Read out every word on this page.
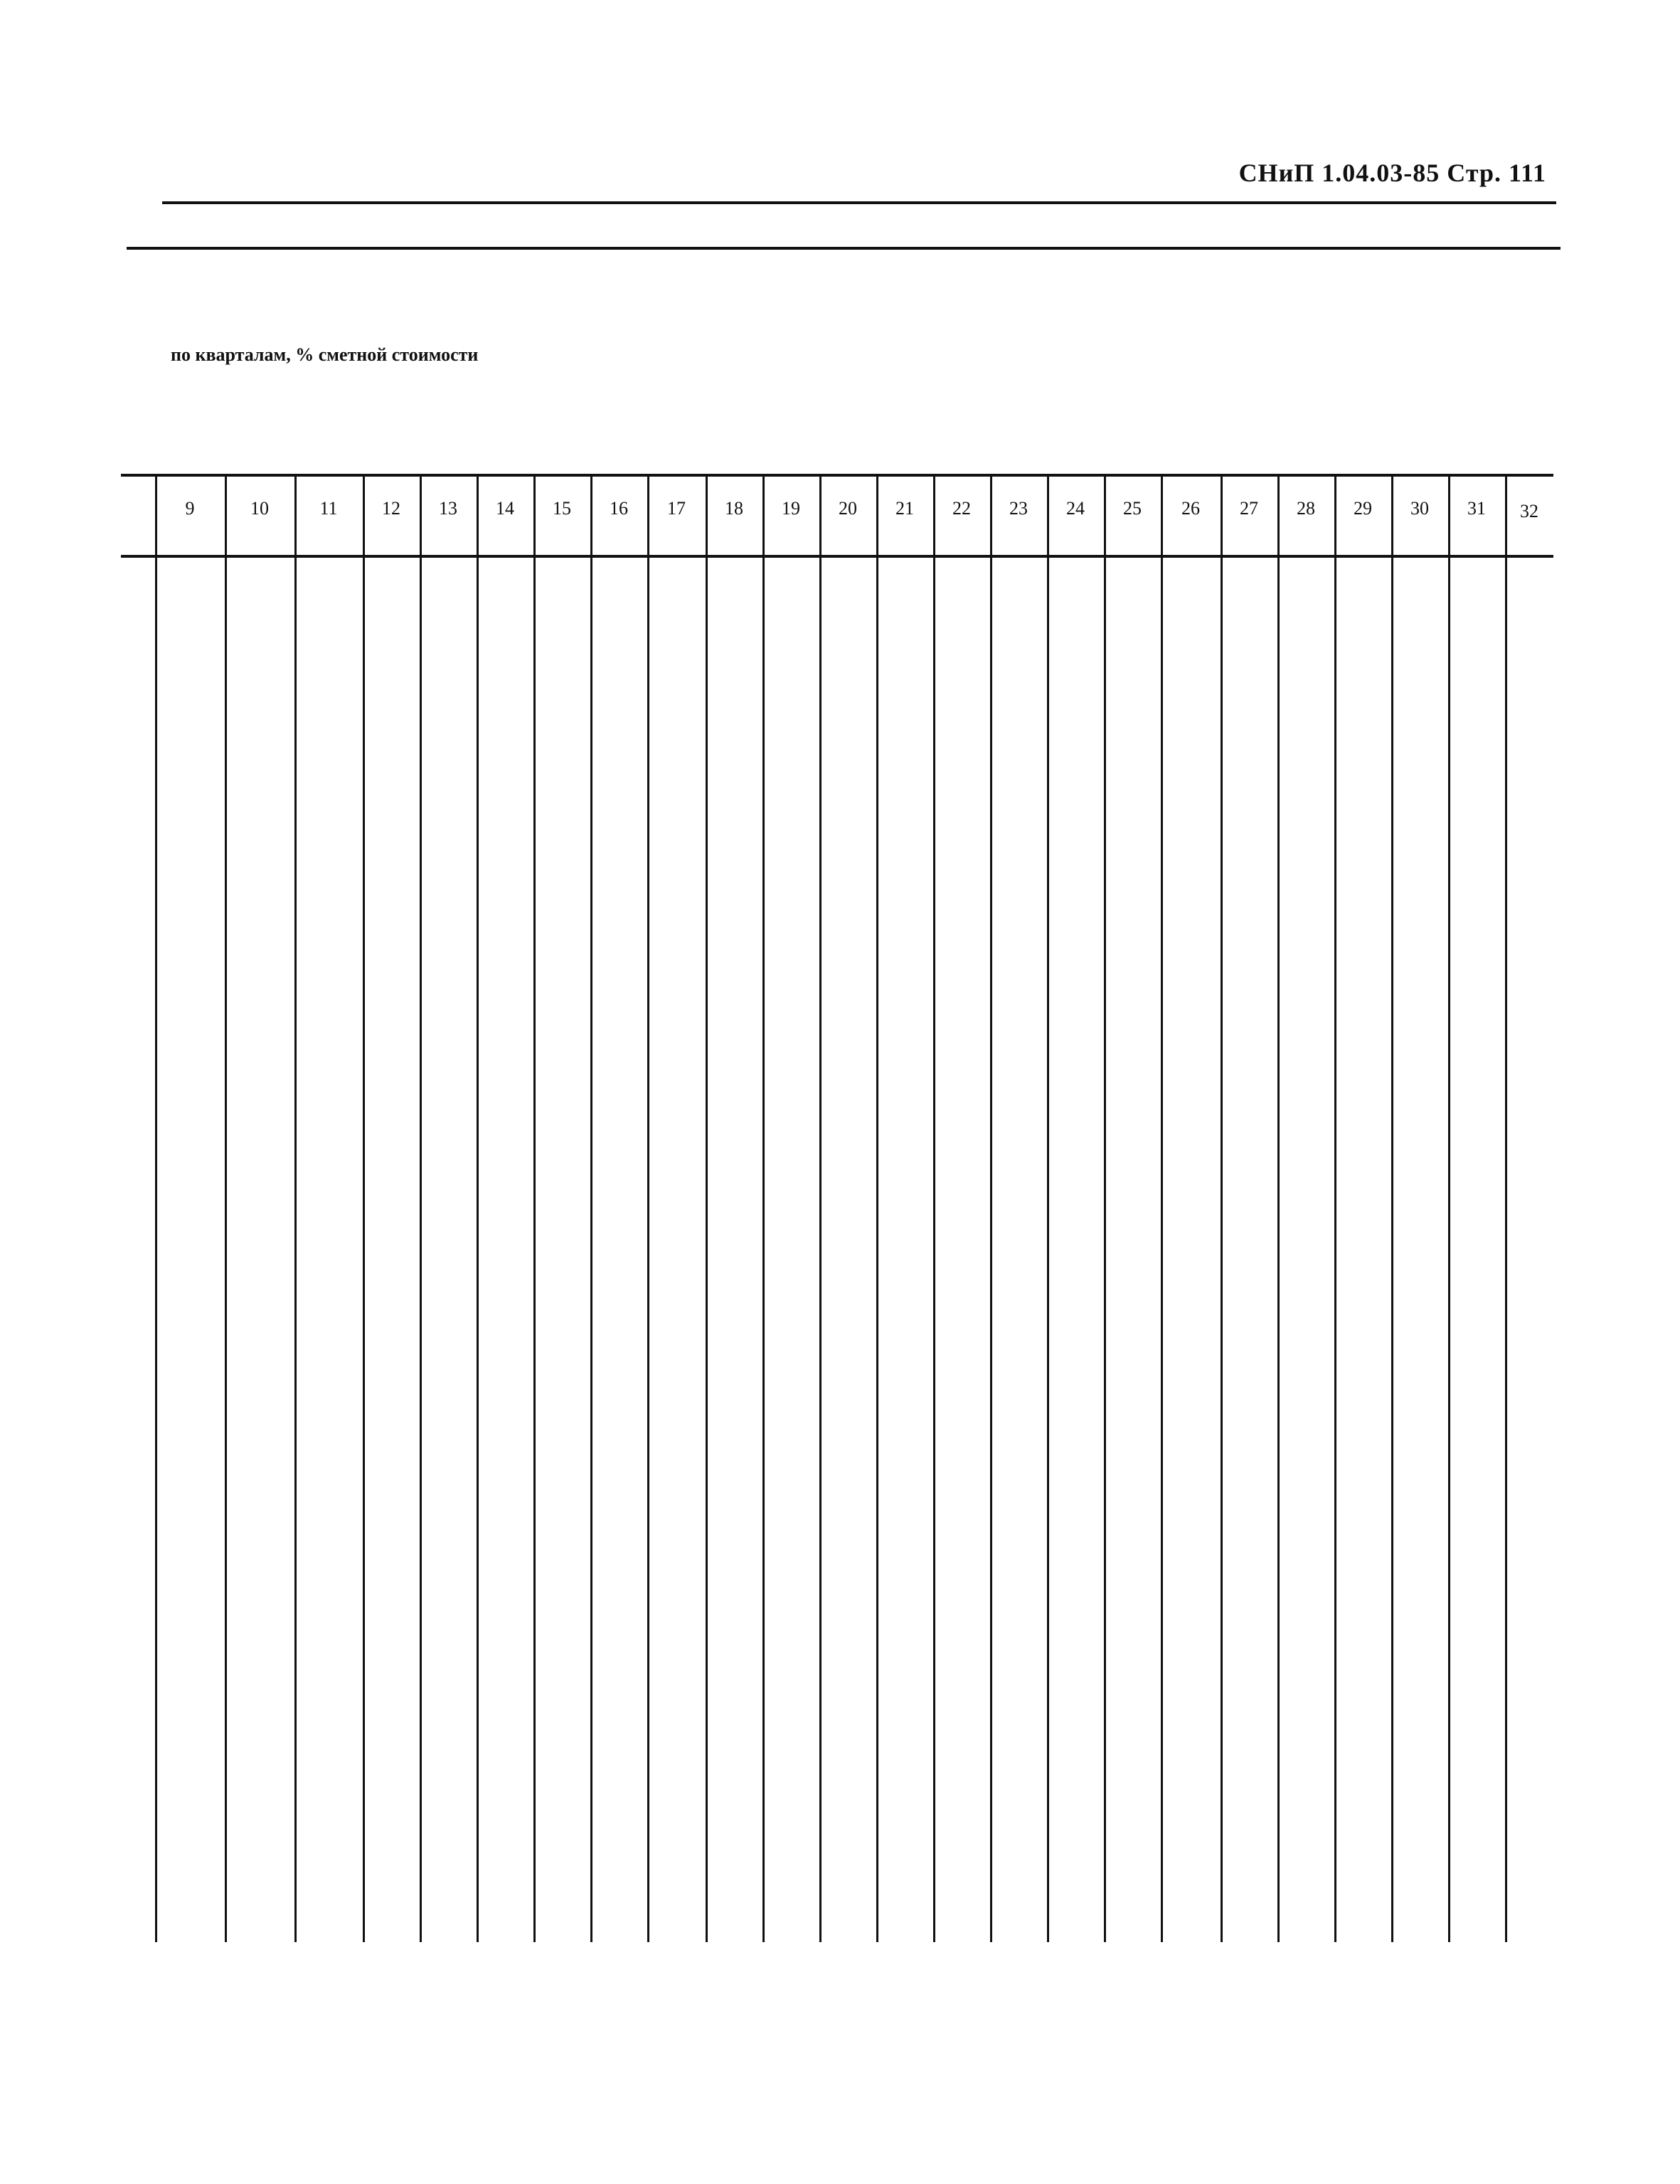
СНиП 1.04.03-85 Стр. 111
по кварталам, % сметной стоимости
9	10	11	12	13	14	15	16	17	18	19	20	21	22	23	24	25	26	27	28	29	30	31	32
